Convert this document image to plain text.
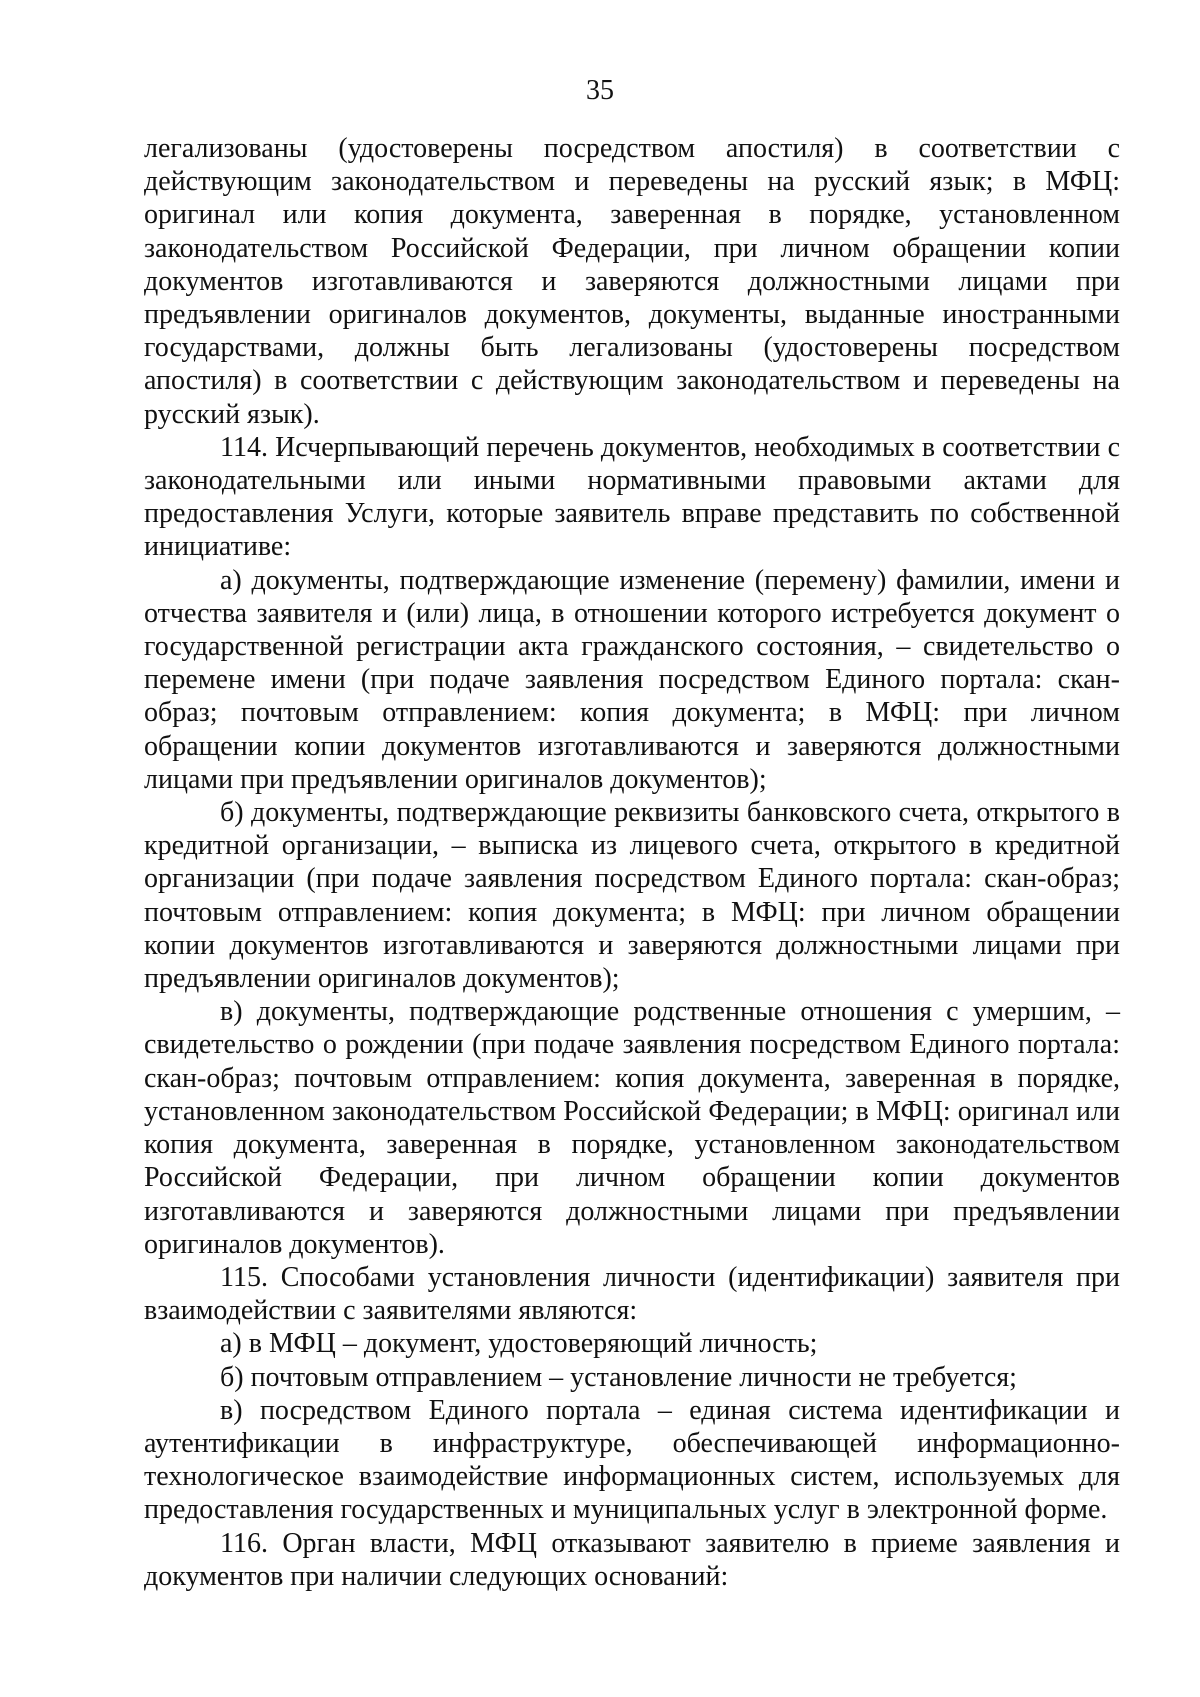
35

легализованы (удостоверены посредством апостиля) в соответствии с действующим законодательством и переведены на русский язык; в МФЦ: оригинал или копия документа, заверенная в порядке, установленном законодательством Российской Федерации, при личном обращении копии документов изготавливаются и заверяются должностными лицами при предъявлении оригиналов документов, документы, выданные иностранными государствами, должны быть легализованы (удостоверены посредством апостиля) в соответствии с действующим законодательством и переведены на русский язык).

114. Исчерпывающий перечень документов, необходимых в соответствии с законодательными или иными нормативными правовыми актами для предоставления Услуги, которые заявитель вправе представить по собственной инициативе:

а) документы, подтверждающие изменение (перемену) фамилии, имени и отчества заявителя и (или) лица, в отношении которого истребуется документ о государственной регистрации акта гражданского состояния, – свидетельство о перемене имени (при подаче заявления посредством Единого портала: скан-образ; почтовым отправлением: копия документа; в МФЦ: при личном обращении копии документов изготавливаются и заверяются должностными лицами при предъявлении оригиналов документов);

б) документы, подтверждающие реквизиты банковского счета, открытого в кредитной организации, – выписка из лицевого счета, открытого в кредитной организации (при подаче заявления посредством Единого портала: скан-образ; почтовым отправлением: копия документа; в МФЦ: при личном обращении копии документов изготавливаются и заверяются должностными лицами при предъявлении оригиналов документов);

в) документы, подтверждающие родственные отношения с умершим, – свидетельство о рождении (при подаче заявления посредством Единого портала: скан-образ; почтовым отправлением: копия документа, заверенная в порядке, установленном законодательством Российской Федерации; в МФЦ: оригинал или копия документа, заверенная в порядке, установленном законодательством Российской Федерации, при личном обращении копии документов изготавливаются и заверяются должностными лицами при предъявлении оригиналов документов).

115. Способами установления личности (идентификации) заявителя при взаимодействии с заявителями являются:

а) в МФЦ – документ, удостоверяющий личность;

б) почтовым отправлением – установление личности не требуется;

в) посредством Единого портала – единая система идентификации и аутентификации в инфраструктуре, обеспечивающей информационно-технологическое взаимодействие информационных систем, используемых для предоставления государственных и муниципальных услуг в электронной форме.

116. Орган власти, МФЦ отказывают заявителю в приеме заявления и документов при наличии следующих оснований:
